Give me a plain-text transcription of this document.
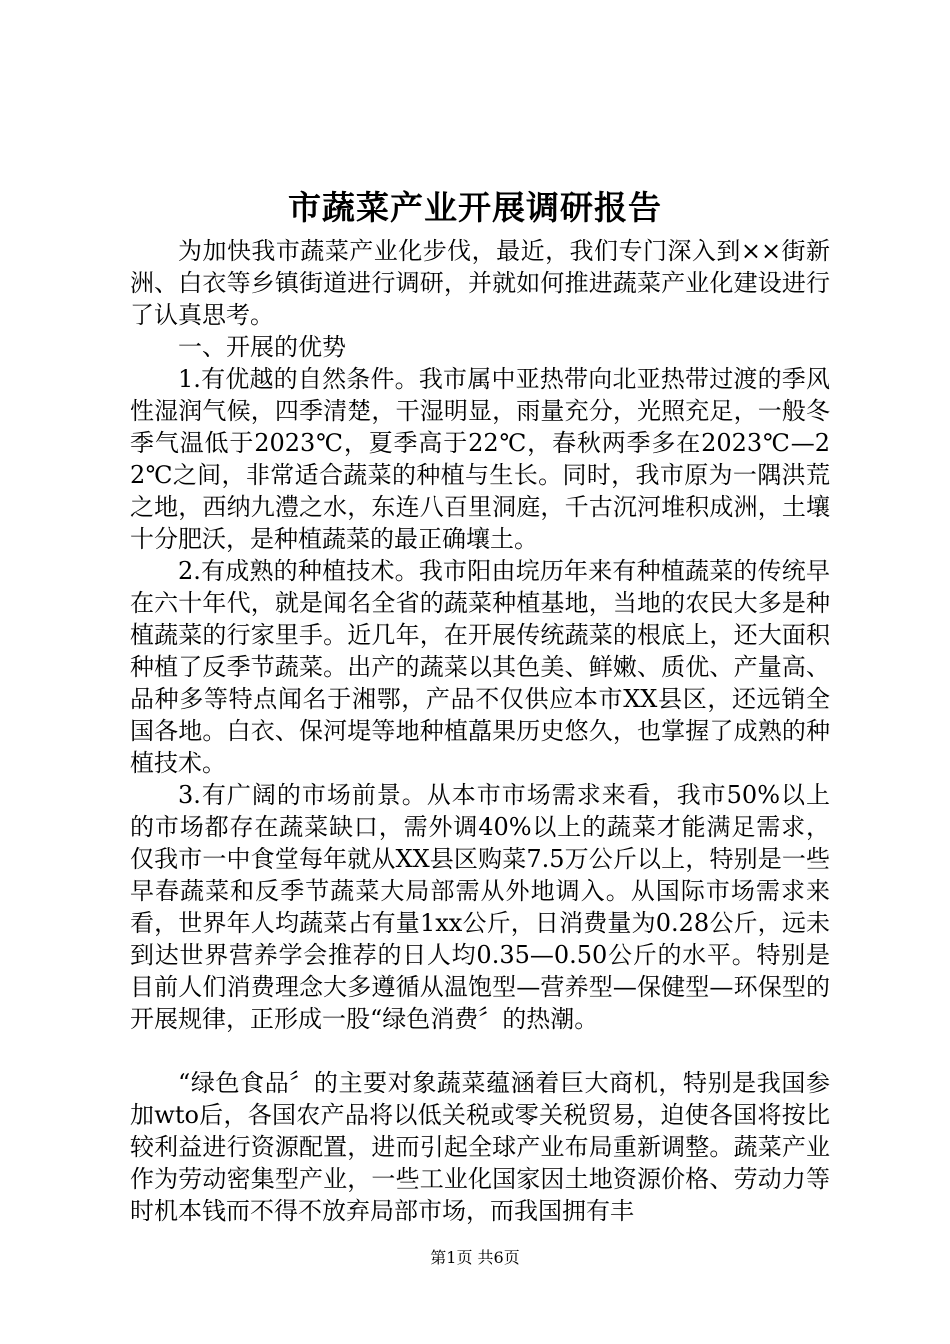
市蔬菜产业开展调研报告

为加快我市蔬菜产业化步伐，最近，我们专门深入到××街新洲、白衣等乡镇街道进行调研，并就如何推进蔬菜产业化建设进行了认真思考。

一、开展的优势

1.有优越的自然条件。我市属中亚热带向北亚热带过渡的季风性湿润气候，四季清楚，干湿明显，雨量充分，光照充足，一般冬季气温低于2023℃，夏季高于22℃，春秋两季多在2023℃—22℃之间，非常适合蔬菜的种植与生长。同时，我市原为一隅洪荒之地，西纳九澧之水，东连八百里洞庭，千古沉河堆积成洲，土壤十分肥沃，是种植蔬菜的最正确壤土。

2.有成熟的种植技术。我市阳由垸历年来有种植蔬菜的传统早在六十年代，就是闻名全省的蔬菜种植基地，当地的农民大多是种植蔬菜的行家里手。近几年，在开展传统蔬菜的根底上，还大面积种植了反季节蔬菜。出产的蔬菜以其色美、鲜嫩、质优、产量高、品种多等特点闻名于湘鄂，产品不仅供应本市XX县区，还远销全国各地。白衣、保河堤等地种植藠果历史悠久，也掌握了成熟的种植技术。

3.有广阔的市场前景。从本市市场需求来看，我市50%以上的市场都存在蔬菜缺口，需外调40%以上的蔬菜才能满足需求，仅我市一中食堂每年就从XX县区购菜7.5万公斤以上，特别是一些早春蔬菜和反季节蔬菜大局部需从外地调入。从国际市场需求来看，世界年人均蔬菜占有量1xx公斤，日消费量为0.28公斤，远未到达世界营养学会推荐的日人均0.35—0.50公斤的水平。特别是目前人们消费理念大多遵循从温饱型—营养型—保健型—环保型的开展规律，正形成一股“绿色消费〞的热潮。

“绿色食品〞的主要对象蔬菜蕴涵着巨大商机，特别是我国参加wto后，各国农产品将以低关税或零关税贸易，迫使各国将按比较利益进行资源配置，进而引起全球产业布局重新调整。蔬菜产业作为劳动密集型产业，一些工业化国家因土地资源价格、劳动力等时机本钱而不得不放弃局部市场，而我国拥有丰

第1页 共6页
